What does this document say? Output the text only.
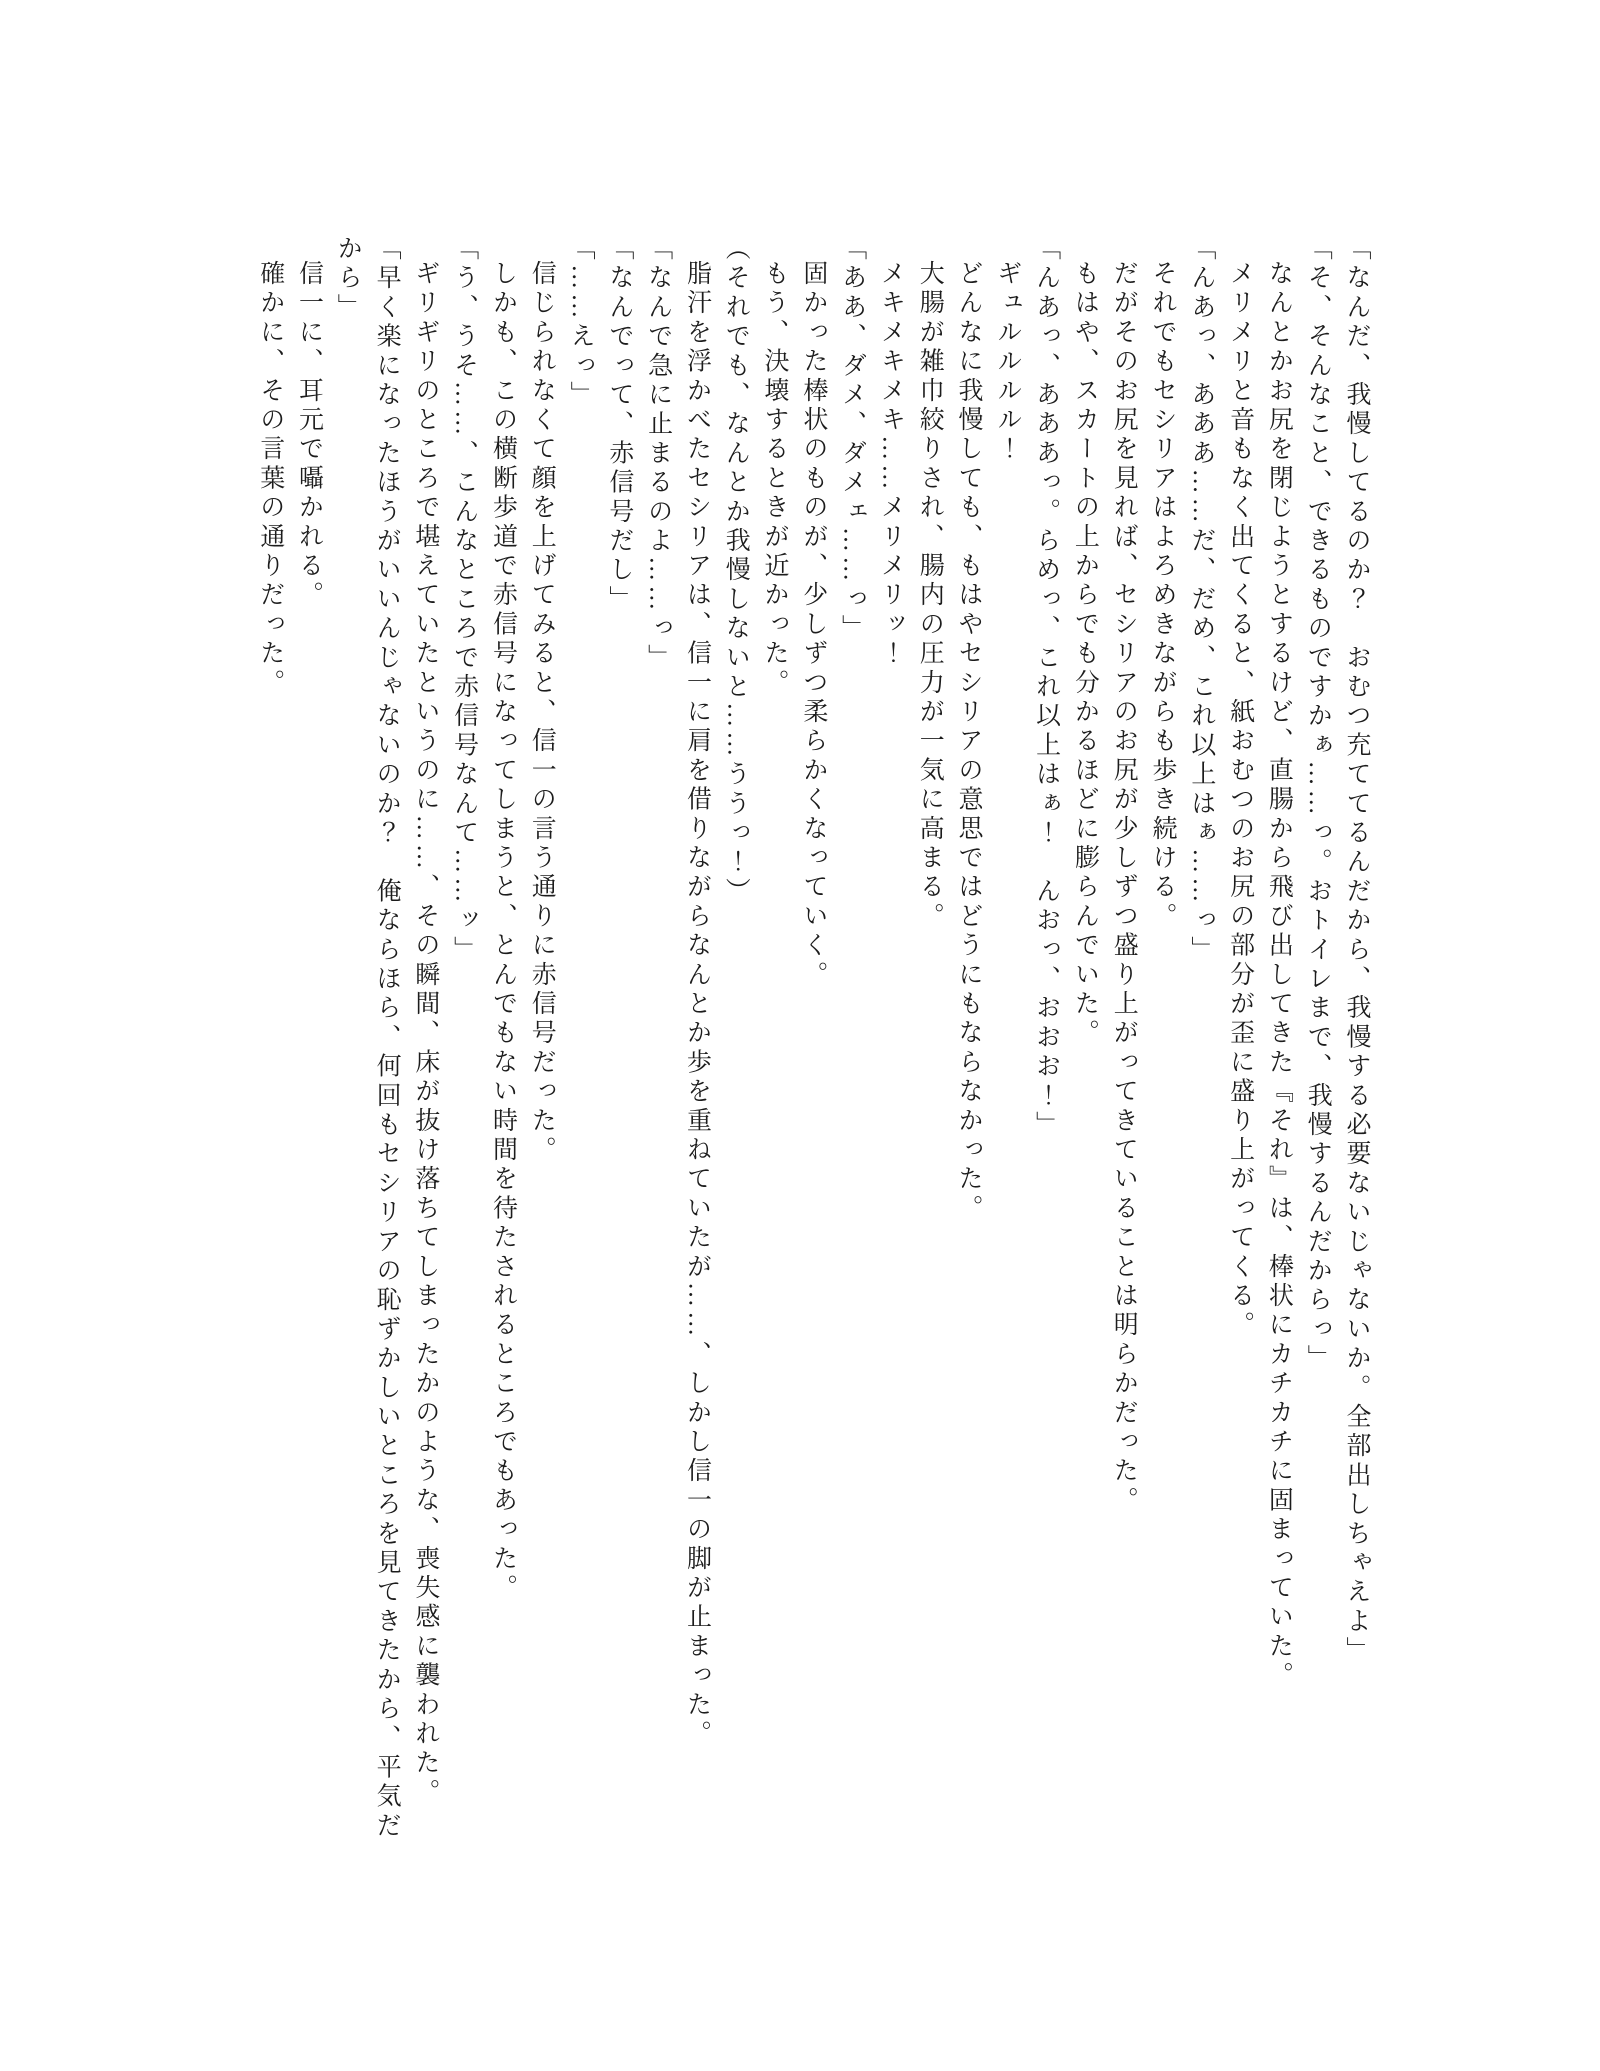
「なんだ、我慢してるのか？　おむつ充ててるんだから、我慢する必要ないじゃないか。全部出しちゃえよ」

「そ、そんなこと、できるものですかぁ……っ。おトイレまで、我慢するんだからっ」

なんとかお尻を閉じようとするけど、直腸から飛び出してきた『それ』は、棒状にカチカチに固まっていた。

メリメリと音もなく出てくると、紙おむつのお尻の部分が歪に盛り上がってくる。

「んあっ、あああ……だ、だめ、これ以上はぁ……っ」

それでもセシリアはよろめきながらも歩き続ける。

だがそのお尻を見れば、セシリアのお尻が少しずつ盛り上がってきていることは明らかだった。

もはや、スカートの上からでも分かるほどに膨らんでいた。

「んあっ、あああっ。らめっ、これ以上はぁ！　んおっ、おおお！」

ギュルルルル！

どんなに我慢しても、もはやセシリアの意思ではどうにもならなかった。

大腸が雑巾絞りされ、腸内の圧力が一気に高まる。

メキメキメキ……メリメリッ！

「ああ、ダメ、ダメェ……っ」

固かった棒状のものが、少しずつ柔らかくなっていく。

もう、決壊するときが近かった。

（それでも、なんとか我慢しないと……ううっ！）

脂汗を浮かべたセシリアは、信一に肩を借りながらなんとか歩を重ねていたが……、しかし信一の脚が止まった。

「なんで急に止まるのよ……っ」

「なんでって、赤信号だし」

「……えっ」

信じられなくて顔を上げてみると、信一の言う通りに赤信号だった。

しかも、この横断歩道で赤信号になってしまうと、とんでもない時間を待たされるところでもあった。

「う、うそ……、こんなところで赤信号なんて……ッ」

ギリギリのところで堪えていたというのに……、その瞬間、床が抜け落ちてしまったかのような、喪失感に襲われた。

「早く楽になったほうがいいんじゃないのか？　俺ならほら、何回もセシリアの恥ずかしいところを見てきたから、平気だから」

信一に、耳元で囁かれる。

確かに、その言葉の通りだった。
